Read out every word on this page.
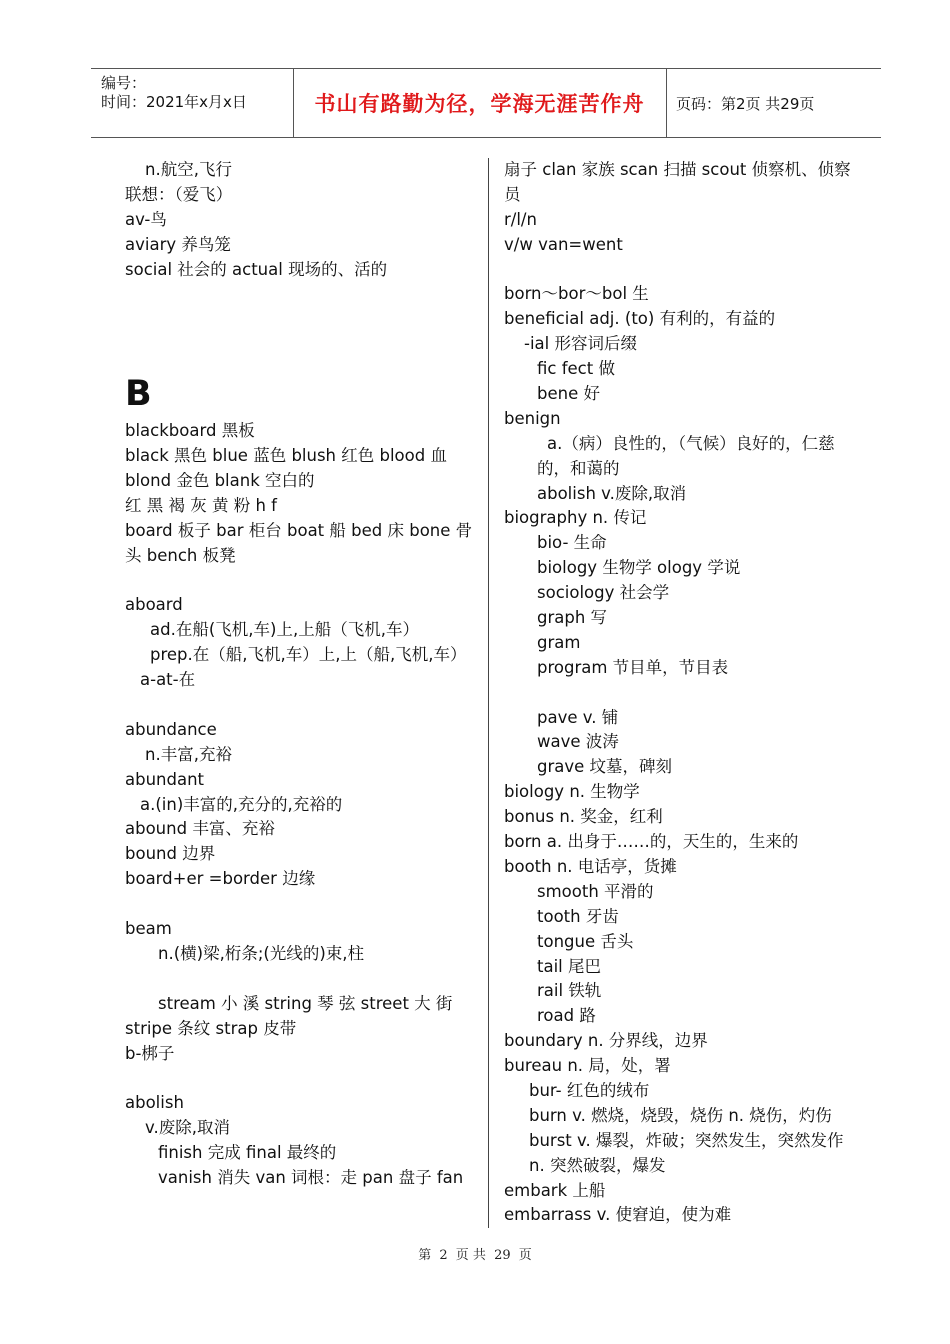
编号：
时间：2021年x月x日	书山有路勤为径，学海无涯苦作舟 页码：第2页 共29页
n.航空,飞行
联想：（爱飞）
av-鸟
aviary 养鸟笼
social 社会的 actual 现场的、活的
B
blackboard 黑板
black 黑色 blue 蓝色 blush 红色 blood 血
blond 金色 blank 空白的
红 黑 褐 灰 黄 粉 h f
board 板子 bar 柜台 boat 船 bed 床 bone 骨
头 bench 板凳
aboard
ad.在船(飞机,车)上,上船（飞机,车）
prep.在（船,飞机,车）上,上（船,飞机,车）
a-at-在
abundance
n.丰富,充裕
abundant
a.(in)丰富的,充分的,充裕的
abound 丰富、充裕
bound 边界
board+er =border 边缘
beam
n.(横)梁,桁条;(光线的)束,柱
stream 小 溪 string 琴 弦 street 大 街
stripe 条纹 strap 皮带
b-梆子
abolish
v.废除,取消
finish 完成 final 最终的
vanish 消失 van 词根：走 pan 盘子 fan
扇子 clan 家族 scan 扫描 scout 侦察机、侦察
员
r/l/n
v/w van=went
born～bor～bol 生
beneficial adj. (to) 有利的，有益的
-ial 形容词后缀
fic fect 做
bene 好
benign
a.（病）良性的，（气候）良好的，仁慈
的，和蔼的
abolish v.废除,取消
biography n. 传记
bio- 生命
biology 生物学 ology 学说
sociology 社会学
graph 写
gram
program 节目单，节目表
pave v. 铺
wave 波涛
grave 坟墓，碑刻
biology n. 生物学
bonus n. 奖金，红利
born a. 出身于……的，天生的，生来的
booth n. 电话亭，货摊
smooth 平滑的
tooth 牙齿
tongue 舌头
tail 尾巴
rail 铁轨
road 路
boundary n. 分界线，边界
bureau n. 局，处，署
bur- 红色的绒布
burn v. 燃烧，烧毁，烧伤 n. 烧伤，灼伤
burst v. 爆裂，炸破；突然发生，突然发作
n. 突然破裂，爆发
embark 上船
embarrass v. 使窘迫，使为难
第 2 页 共 29 页
